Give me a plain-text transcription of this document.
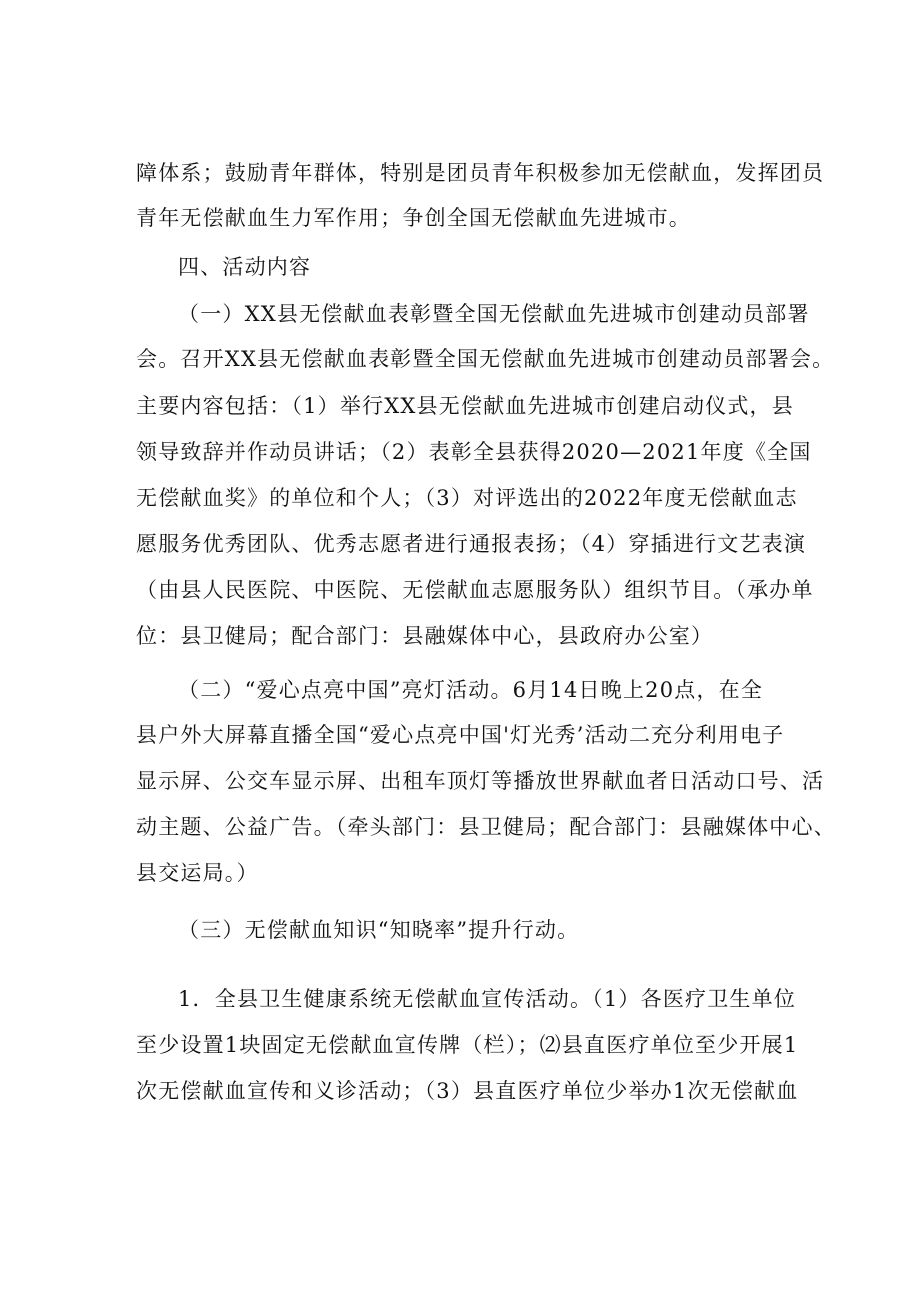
障体系；鼓励青年群体，特别是团员青年积极参加无偿献血，发挥团员
青年无偿献血生力军作用；争创全国无偿献血先进城市。
四、活动内容
（一）XX县无偿献血表彰暨全国无偿献血先进城市创建动员部署
会。召开XX县无偿献血表彰暨全国无偿献血先进城市创建动员部署会。
主要内容包括：（1）举行XX县无偿献血先进城市创建启动仪式，县
领导致辞并作动员讲话；（2）表彰全县获得2020—2021年度《全国
无偿献血奖》的单位和个人；（3）对评选出的2022年度无偿献血志
愿服务优秀团队、优秀志愿者进行通报表扬；（4）穿插进行文艺表演
（由县人民医院、中医院、无偿献血志愿服务队）组织节目。（承办单
位：县卫健局；配合部门：县融媒体中心，县政府办公室）
（二）“爱心点亮中国”亮灯活动。6月14日晚上20点，在全
县户外大屏幕直播全国“爱心点亮中国'灯光秀’活动二充分利用电子
显示屏、公交车显示屏、出租车顶灯等播放世界献血者日活动口号、活
动主题、公益广告。（牵头部门：县卫健局；配合部门：县融媒体中心、
县交运局。）
（三）无偿献血知识“知晓率”提升行动。
1．全县卫生健康系统无偿献血宣传活动。（1）各医疗卫生单位
至少设置1块固定无偿献血宣传牌（栏）；⑵县直医疗单位至少开展1
次无偿献血宣传和义诊活动；（3）县直医疗单位少举办1次无偿献血
